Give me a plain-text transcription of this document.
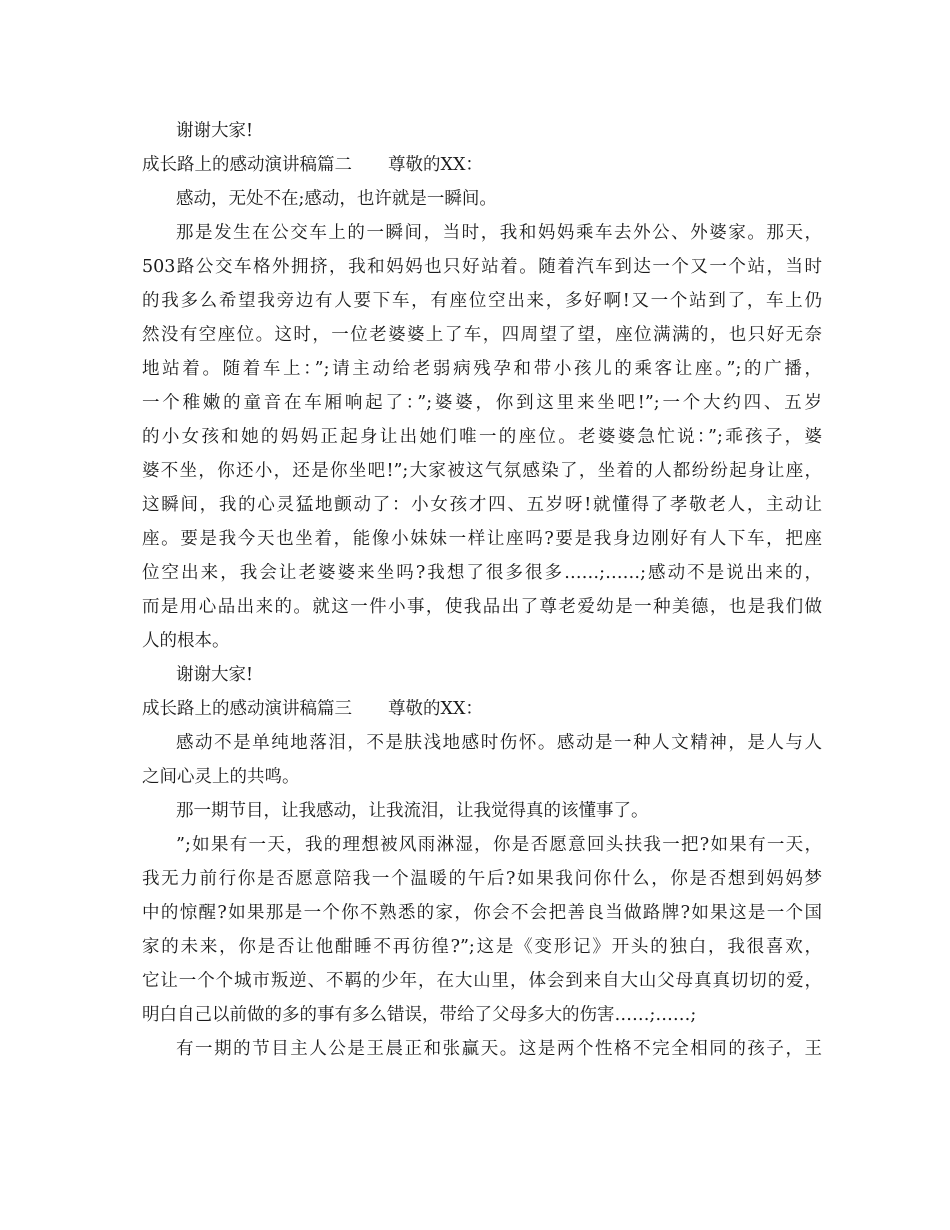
谢谢大家!
成长路上的感动演讲稿篇二 尊敬的XX：
感动，无处不在;感动，也许就是一瞬间。
那是发生在公交车上的一瞬间，当时，我和妈妈乘车去外公、外婆家。那天，
503路公交车格外拥挤，我和妈妈也只好站着。随着汽车到达一个又一个站，当时
的我多么希望我旁边有人要下车，有座位空出来，多好啊!又一个站到了，车上仍
然没有空座位。这时，一位老婆婆上了车，四周望了望，座位满满的，也只好无奈
地站着。随着车上：”;请主动给老弱病残孕和带小孩儿的乘客让座。”;的广播，
一个稚嫩的童音在车厢响起了：”;婆婆，你到这里来坐吧!”;一个大约四、五岁
的小女孩和她的妈妈正起身让出她们唯一的座位。老婆婆急忙说：”;乖孩子，婆
婆不坐，你还小，还是你坐吧!”;大家被这气氛感染了，坐着的人都纷纷起身让座，
这瞬间，我的心灵猛地颤动了：小女孩才四、五岁呀!就懂得了孝敬老人，主动让
座。要是我今天也坐着，能像小妹妹一样让座吗?要是我身边刚好有人下车，把座
位空出来，我会让老婆婆来坐吗?我想了很多很多……;……;感动不是说出来的，
而是用心品出来的。就这一件小事，使我品出了尊老爱幼是一种美德，也是我们做
人的根本。
谢谢大家!
成长路上的感动演讲稿篇三 尊敬的XX：
感动不是单纯地落泪，不是肤浅地感时伤怀。感动是一种人文精神，是人与人
之间心灵上的共鸣。
那一期节目，让我感动，让我流泪，让我觉得真的该懂事了。
”;如果有一天，我的理想被风雨淋湿，你是否愿意回头扶我一把?如果有一天，
我无力前行你是否愿意陪我一个温暖的午后?如果我问你什么，你是否想到妈妈梦
中的惊醒?如果那是一个你不熟悉的家，你会不会把善良当做路牌?如果这是一个国
家的未来，你是否让他酣睡不再彷徨?”;这是《变形记》开头的独白，我很喜欢，
它让一个个城市叛逆、不羁的少年，在大山里，体会到来自大山父母真真切切的爱，
明白自己以前做的多的事有多么错误，带给了父母多大的伤害……;……;
有一期的节目主人公是王晨正和张赢天。这是两个性格不完全相同的孩子，王
